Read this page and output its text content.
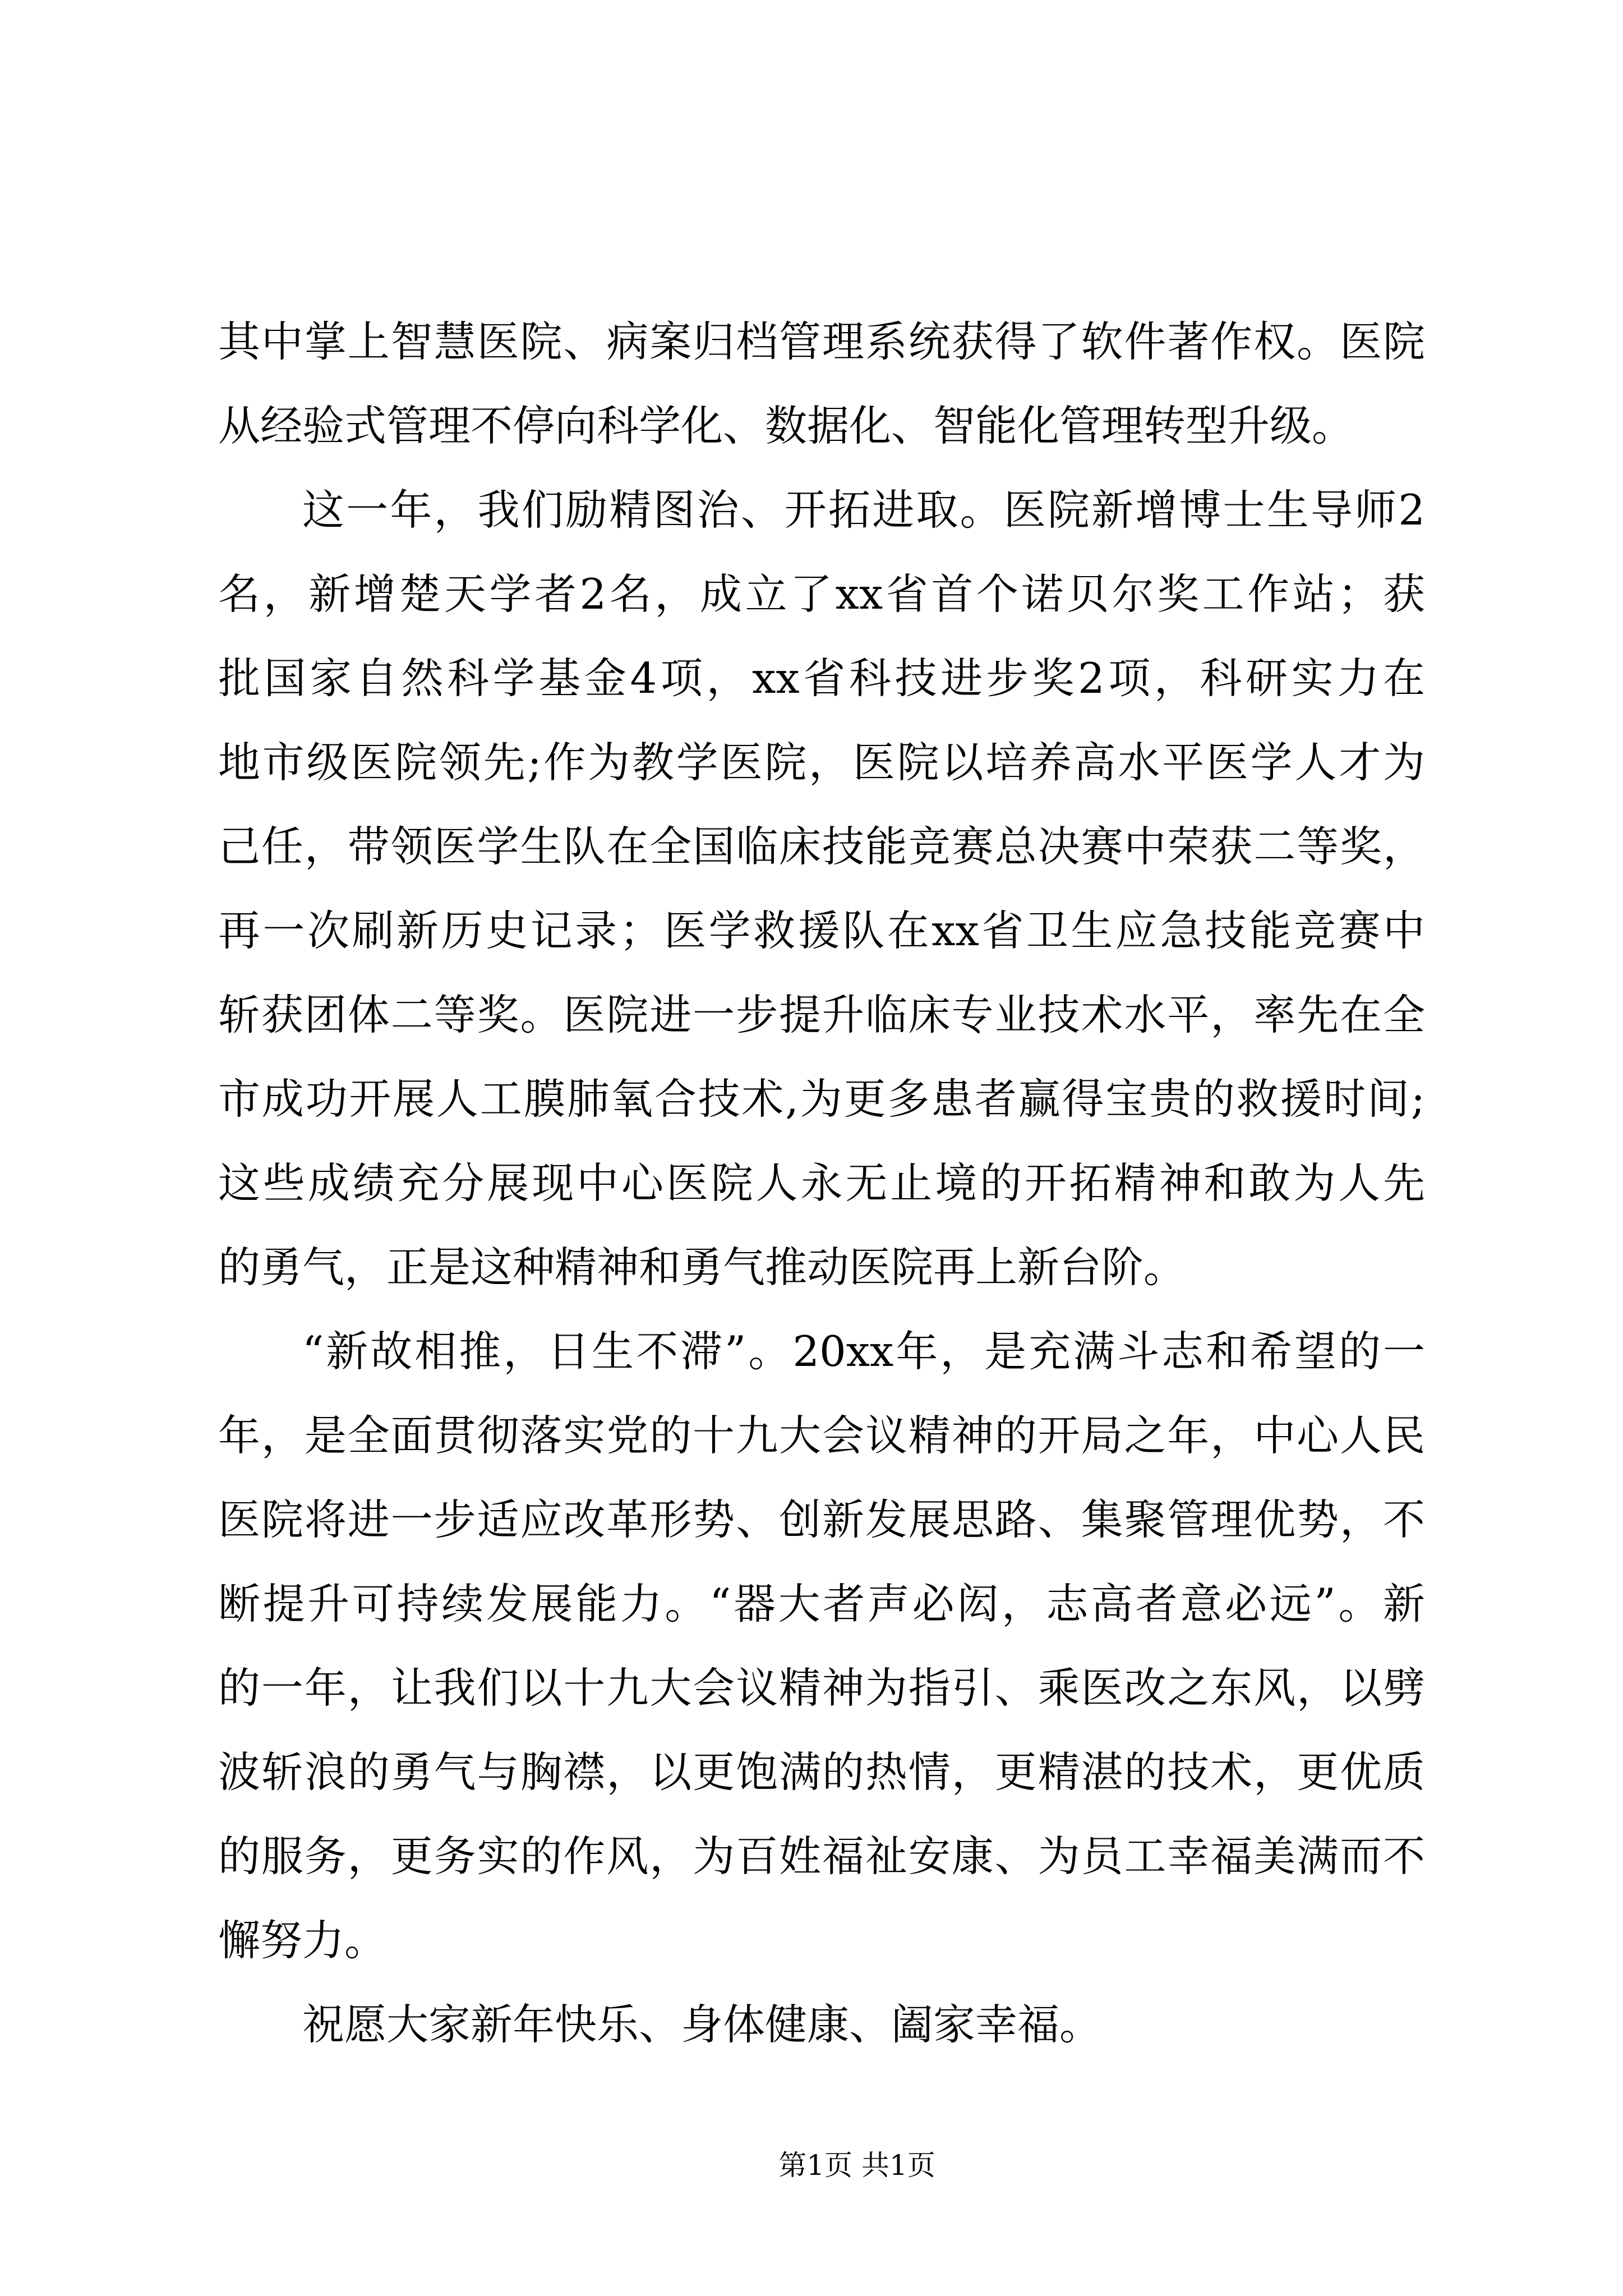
其中掌上智慧医院、病案归档管理系统获得了软件著作权。医院
从经验式管理不停向科学化、数据化、智能化管理转型升级。
这一年，我们励精图治、开拓进取。医院新增博士生导师2
名，新增楚天学者2名，成立了xx省首个诺贝尔奖工作站；获
批国家自然科学基金4项，xx省科技进步奖2项，科研实力在
地市级医院领先;作为教学医院，医院以培养高水平医学人才为
己任，带领医学生队在全国临床技能竞赛总决赛中荣获二等奖，
再一次刷新历史记录；医学救援队在xx省卫生应急技能竞赛中
斩获团体二等奖。医院进一步提升临床专业技术水平，率先在全
市成功开展人工膜肺氧合技术,为更多患者赢得宝贵的救援时间;
这些成绩充分展现中心医院人永无止境的开拓精神和敢为人先
的勇气，正是这种精神和勇气推动医院再上新台阶。
“新故相推，日生不滞”。20xx年，是充满斗志和希望的一
年，是全面贯彻落实党的十九大会议精神的开局之年，中心人民
医院将进一步适应改革形势、创新发展思路、集聚管理优势，不
断提升可持续发展能力。“器大者声必闳，志高者意必远”。新
的一年，让我们以十九大会议精神为指引、乘医改之东风，以劈
波斩浪的勇气与胸襟，以更饱满的热情，更精湛的技术，更优质
的服务，更务实的作风，为百姓福祉安康、为员工幸福美满而不
懈努力。
祝愿大家新年快乐、身体健康、阖家幸福。
第1页 共1页
